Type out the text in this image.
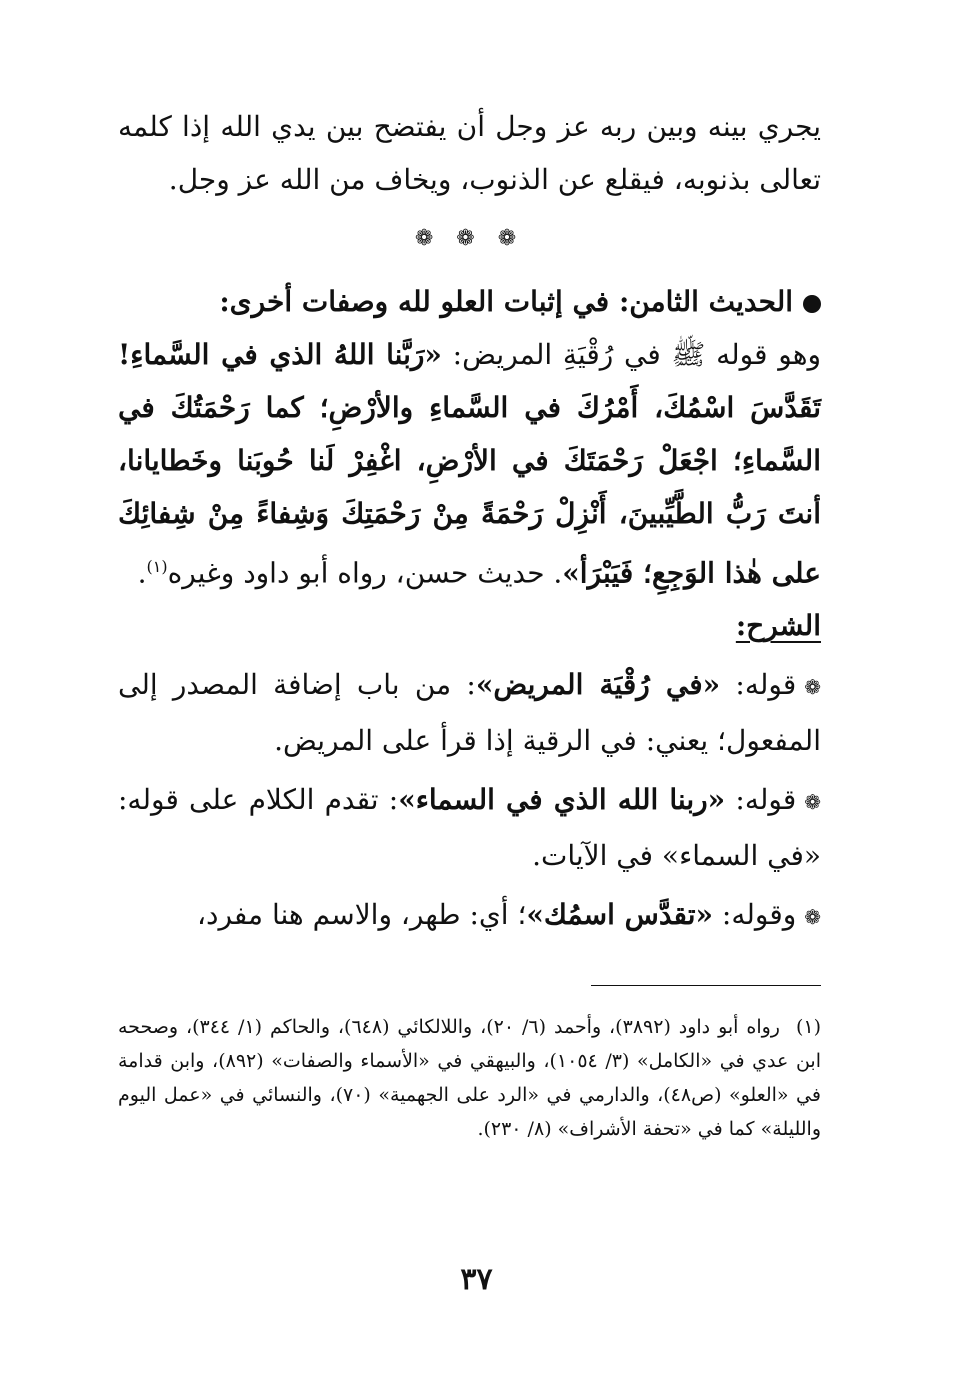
يجري بينه وبين ربه عز وجل أن يفتضح بين يدي الله إذا كلمه تعالى بذنوبه، فيقلع عن الذنوب، ويخاف من الله عز وجل.

❁ ❁ ❁

الحديث الثامن: في إثبات العلو لله وصفات أخرى:

وهو قوله ﷺ في رُقْيَةِ المريض: «رَبَّنا اللهُ الذي في السَّماءِ! تَقَدَّسَ اسْمُكَ، أَمْرُكَ في السَّماءِ والأرْضِ؛ كما رَحْمَتُكَ في السَّماءِ؛ اجْعَلْ رَحْمَتَكَ في الأرْضِ، اغْفِرْ لَنا حُوبَنا وخَطايانا، أنتَ رَبُّ الطَّيِّبينَ، أَنْزِلْ رَحْمَةً مِنْ رَحْمَتِكَ وَشِفاءً مِنْ شِفائِكَ على هٰذا الوَجِعِ؛ فَيَبْرَأ». حديث حسن، رواه أبو داود وغيره$^{(١)}$.

الشرح:

❁قوله: «في رُقْيَة المريض»: من باب إضافة المصدر إلى المفعول؛ يعني: في الرقية إذا قرأ على المريض.

❁قوله: «ربنا الله الذي في السماء»: تقدم الكلام على قوله: «في السماء» في الآيات.

❁وقوله: «تقدَّس اسمُك»؛ أي: طهر، والاسم هنا مفرد،

(١)رواه أبو داود (٣٨٩٢)، وأحمد (٦/ ٢٠)، واللالكائي (٦٤٨)، والحاكم (١/ ٣٤٤)، وصححه ابن عدي في «الكامل» (٣/ ١٠٥٤)، والبيهقي في «الأسماء والصفات» (٨٩٢)، وابن قدامة في «العلو» (ص٤٨)، والدارمي في «الرد على الجهمية» (٧٠)، والنسائي في «عمل اليوم والليلة» كما في «تحفة الأشراف» (٨/ ٢٣٠).

٣٧
